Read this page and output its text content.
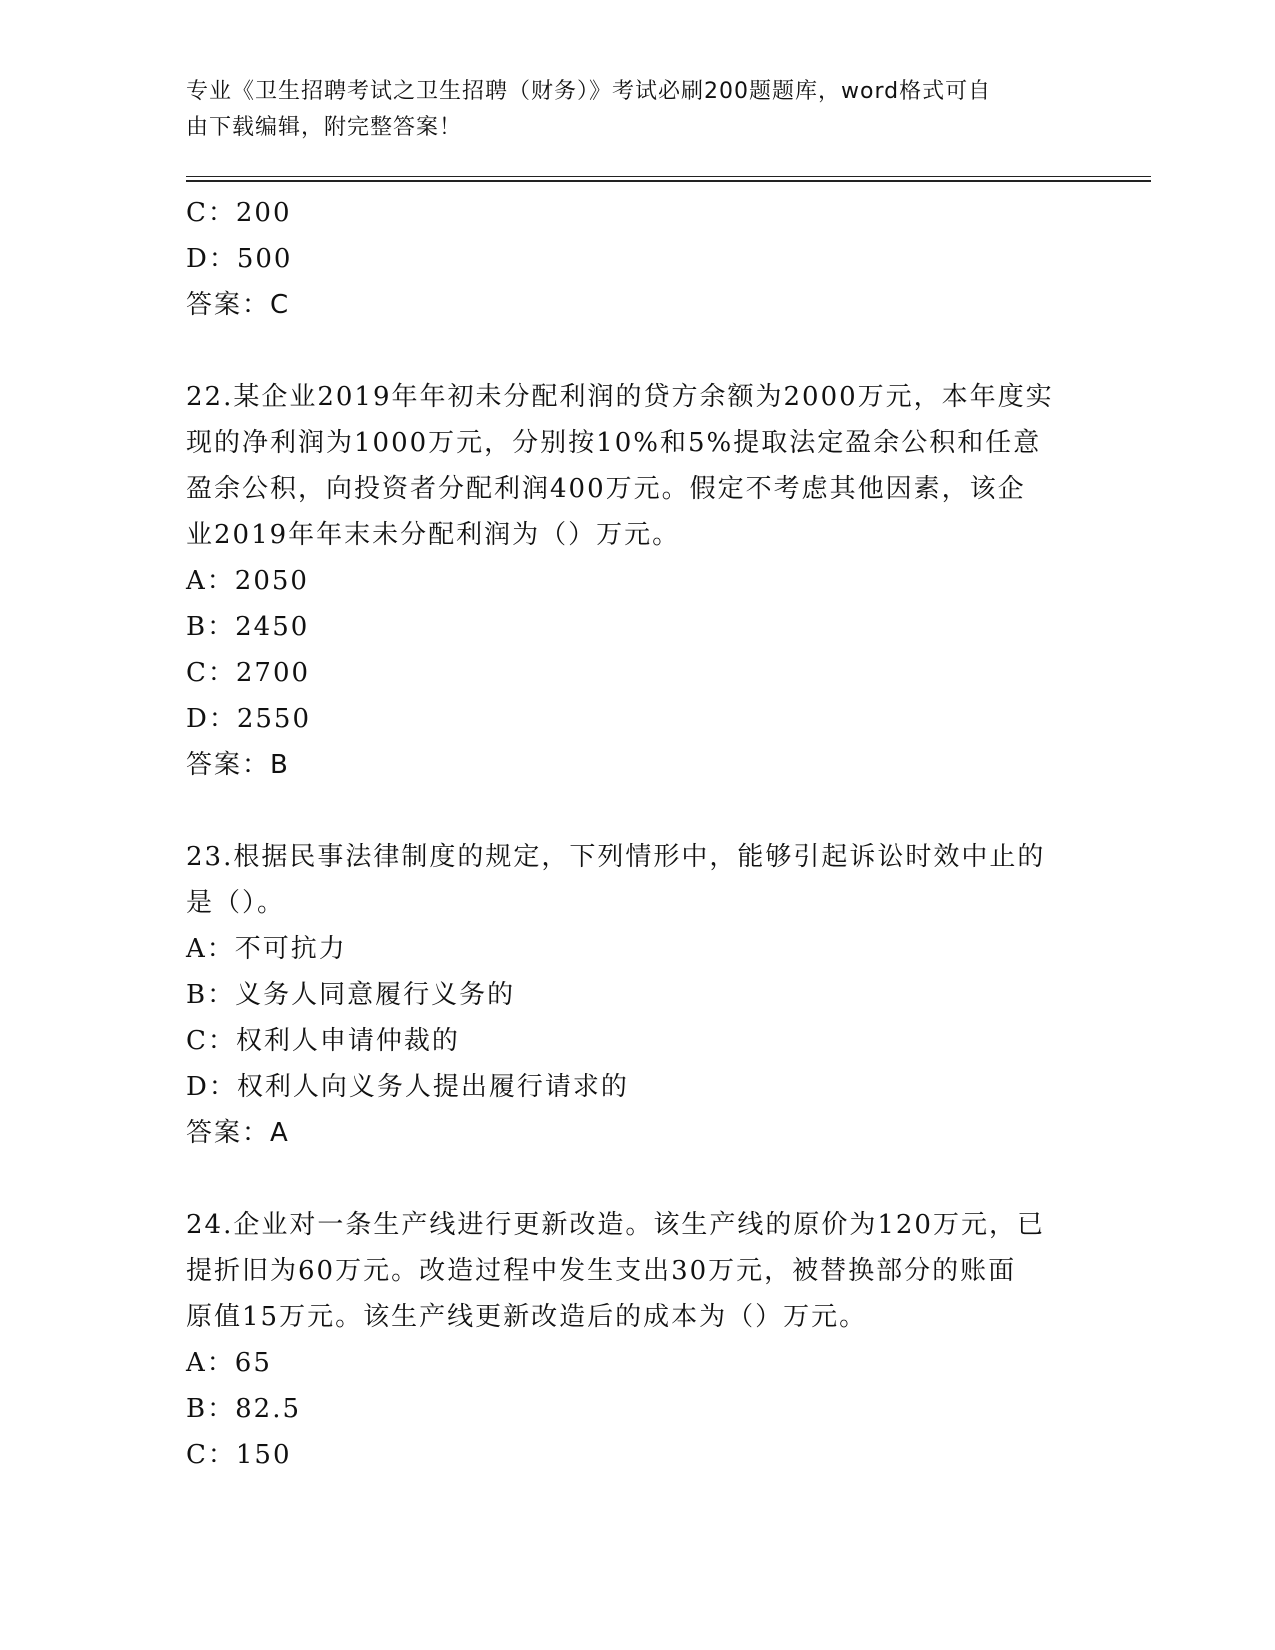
专业《卫生招聘考试之卫生招聘（财务）》考试必刷200题题库，word格式可自
由下载编辑，附完整答案！
C：200
D：500
答案：C
22.某企业2019年年初未分配利润的贷方余额为2000万元，本年度实
现的净利润为1000万元，分别按10%和5%提取法定盈余公积和任意
盈余公积，向投资者分配利润400万元。假定不考虑其他因素，该企
业2019年年末未分配利润为（）万元。
A：2050
B：2450
C：2700
D：2550
答案：B
23.根据民事法律制度的规定，下列情形中，能够引起诉讼时效中止的
是（）。
A：不可抗力
B：义务人同意履行义务的
C：权利人申请仲裁的
D：权利人向义务人提出履行请求的
答案：A
24.企业对一条生产线进行更新改造。该生产线的原价为120万元，已
提折旧为60万元。改造过程中发生支出30万元，被替换部分的账面
原值15万元。该生产线更新改造后的成本为（）万元。
A：65
B：82.5
C：150
